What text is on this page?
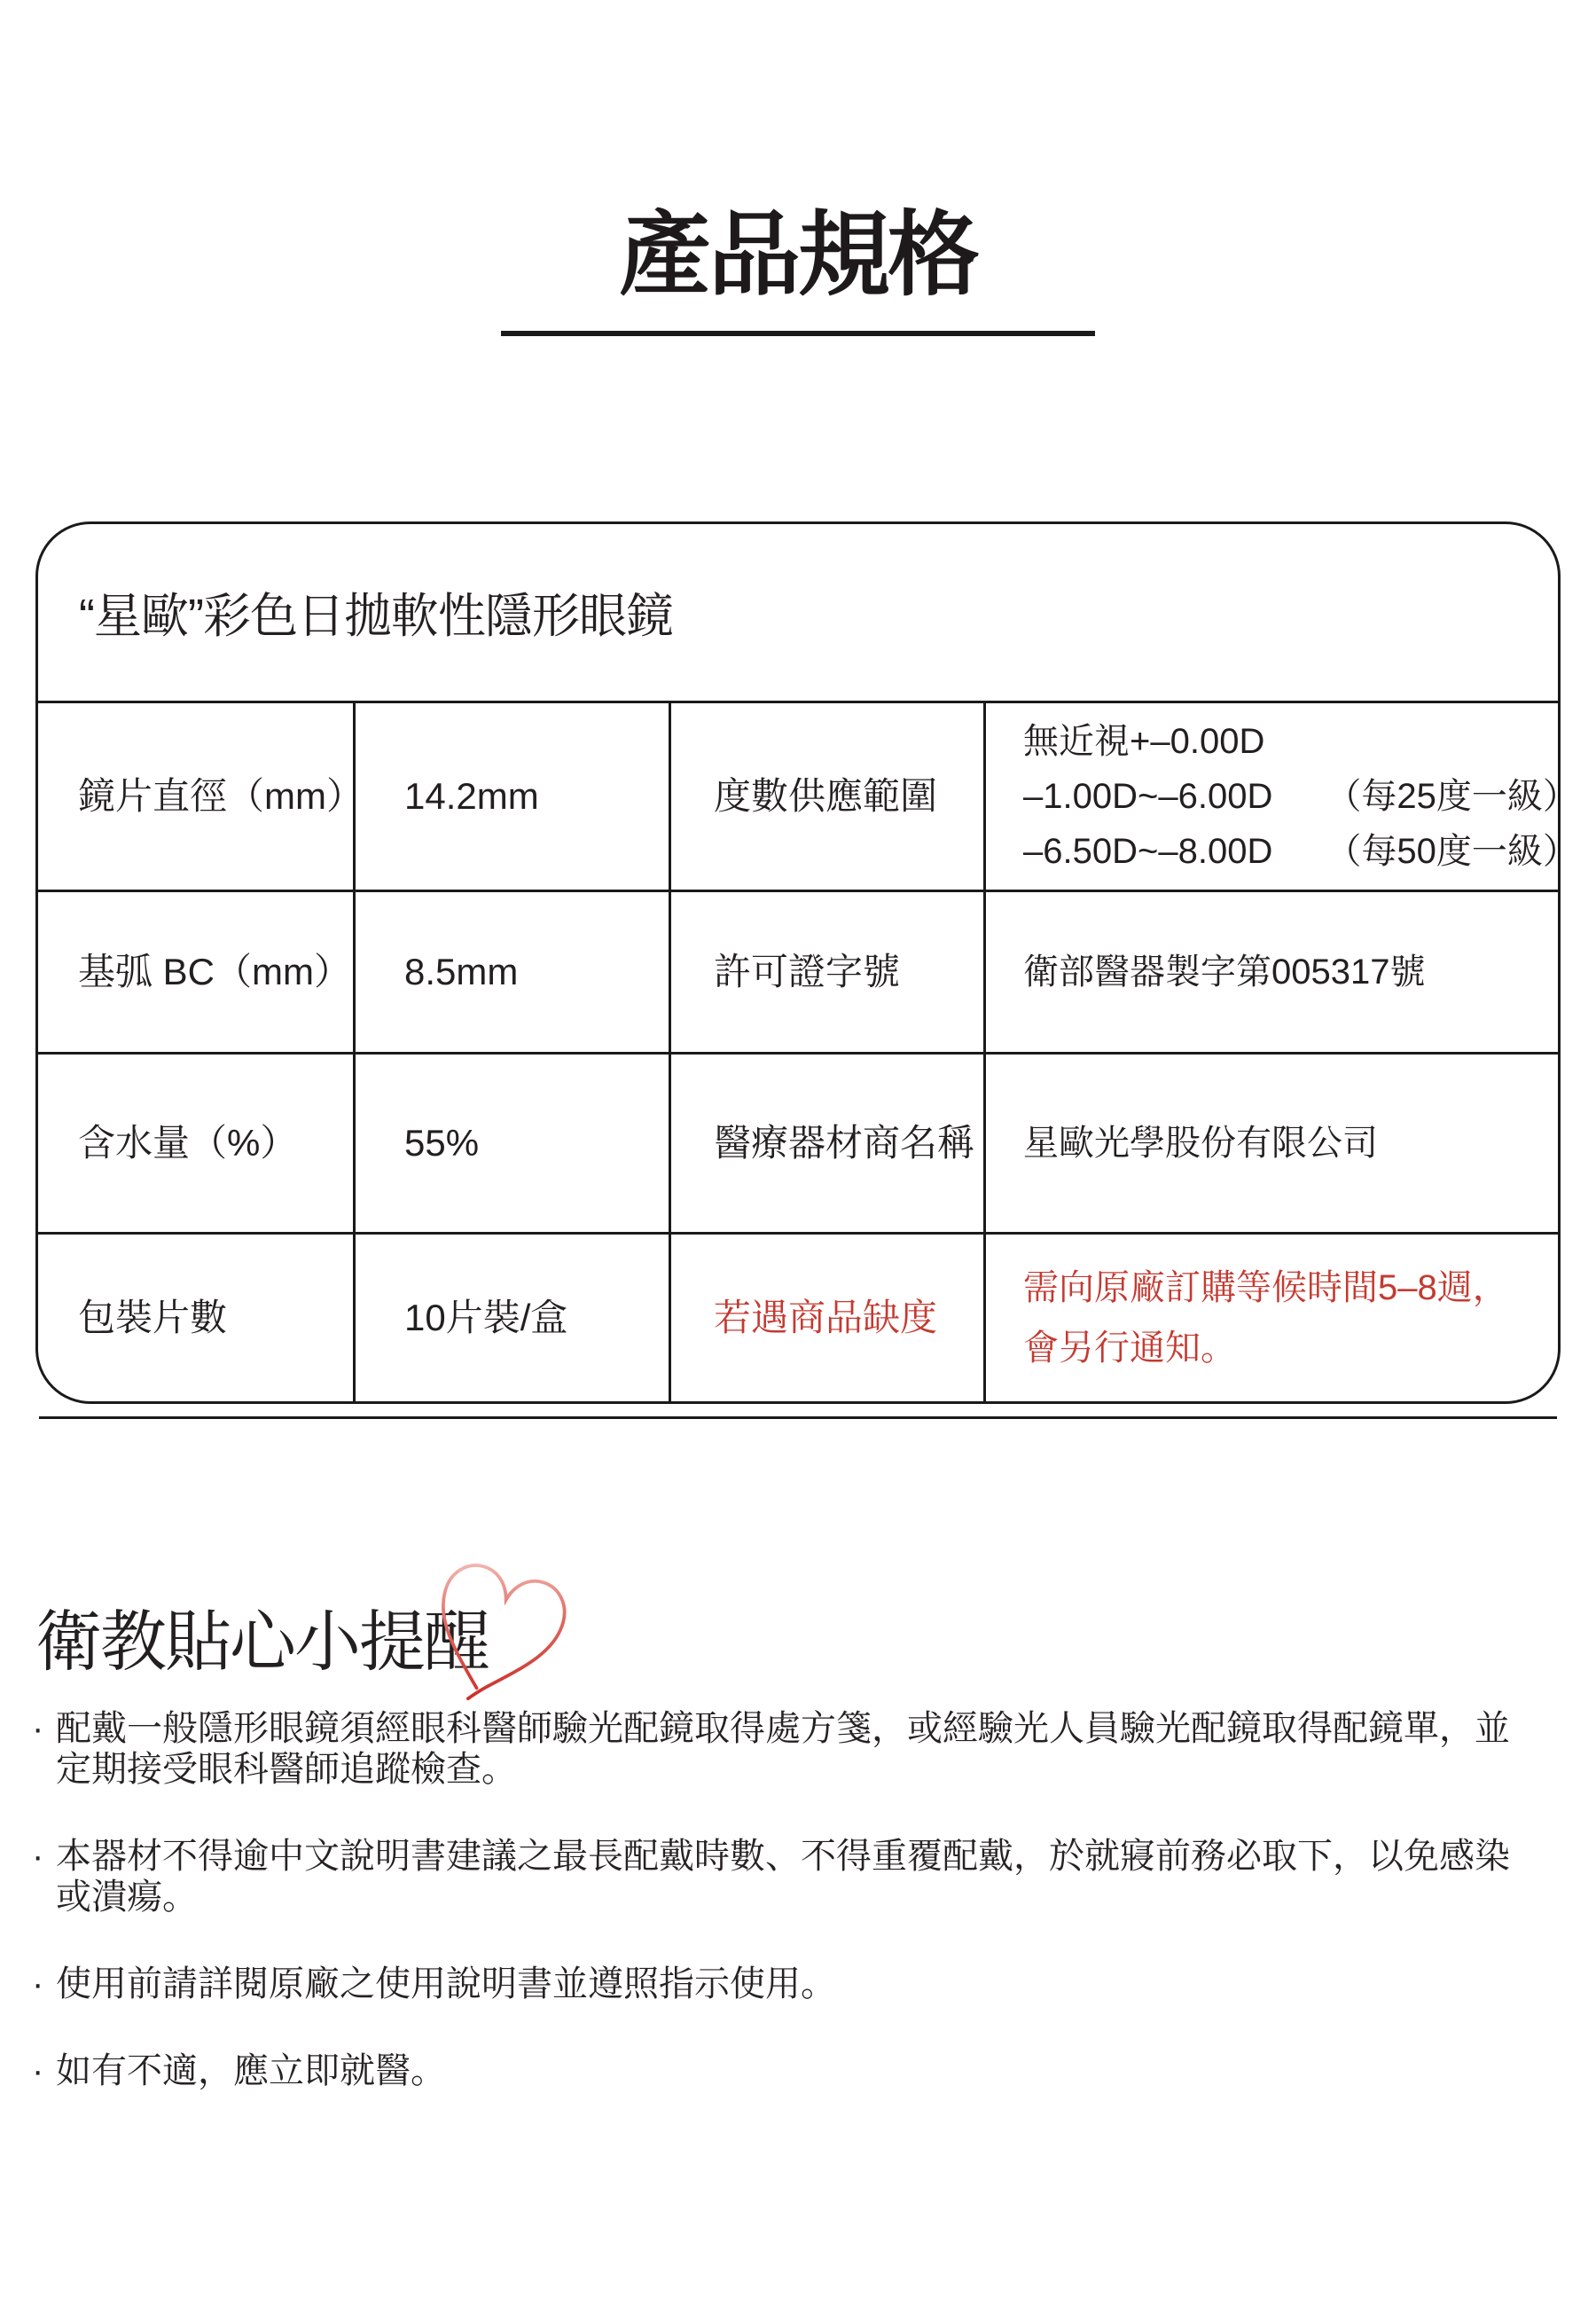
產品規格
“星歐”彩色日拋軟性隱形眼鏡
鏡片直徑（mm）	14.2mm	度數供應範圍
無近視+–0.00D
–1.00D~–6.00D　　（每25度一級）
–6.50D~–8.00D　　（每50度一級）
基弧 BC（mm）	8.5mm	許可證字號	衛部醫器製字第005317號
含水量（%）	55%	醫療器材商名稱	星歐光學股份有限公司
包裝片數	10片裝/盒	若遇商品缺度
需向原廠訂購等候時間5–8週，
會另行通知。
衛教貼心小提醒
· 配戴一般隱形眼鏡須經眼科醫師驗光配鏡取得處方箋，或經驗光人員驗光配鏡取得配鏡單，並定期接受眼科醫師追蹤檢查。
· 本器材不得逾中文說明書建議之最長配戴時數、不得重覆配戴，於就寢前務必取下，以免感染或潰瘍。
· 使用前請詳閱原廠之使用說明書並遵照指示使用。
· 如有不適，應立即就醫。
